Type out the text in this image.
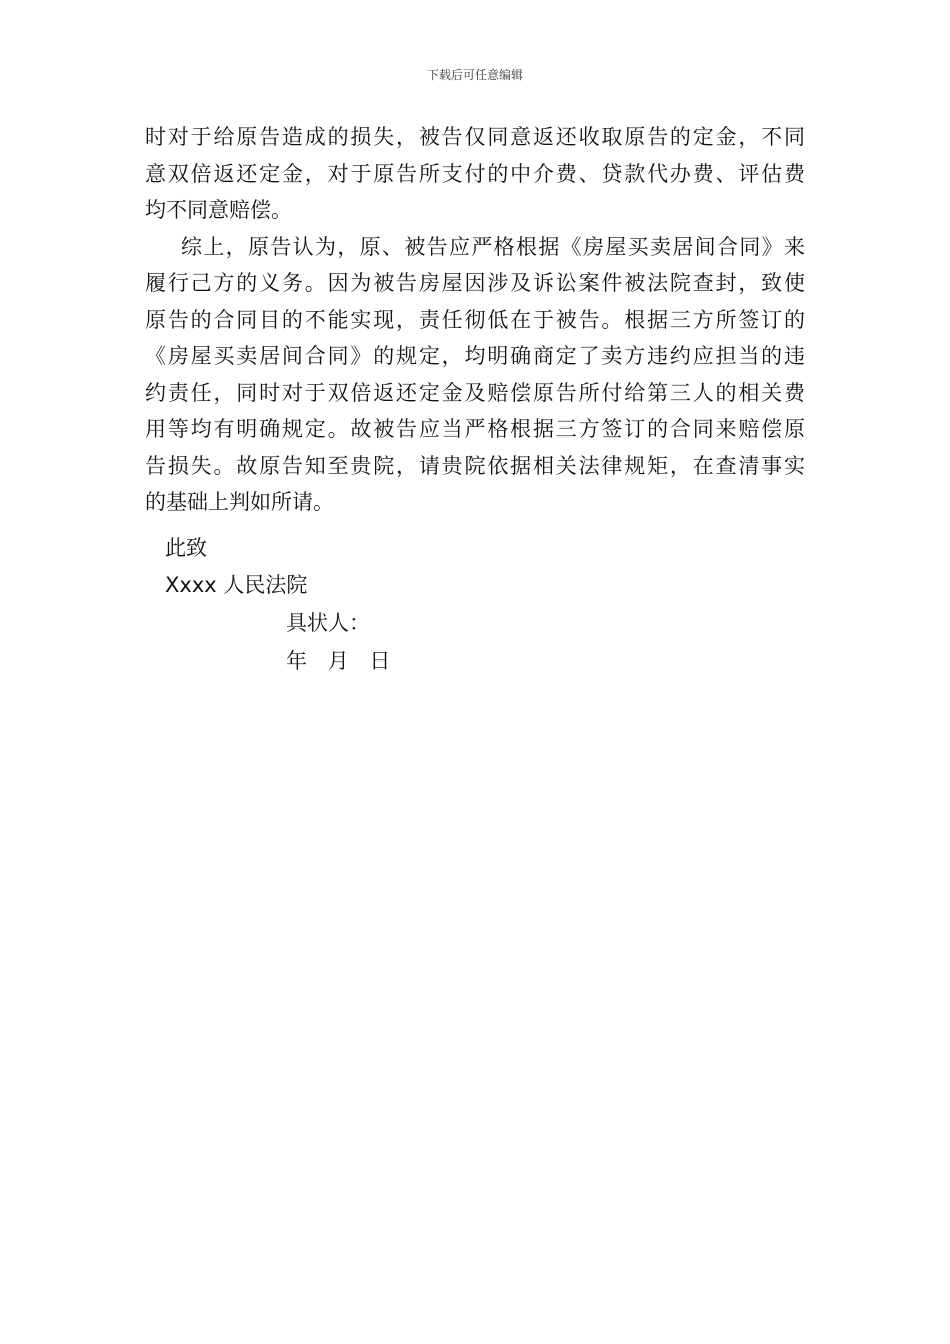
下载后可任意编辑
时对于给原告造成的损失，被告仅同意返还收取原告的定金，不同
意双倍返还定金，对于原告所支付的中介费、贷款代办费、评估费
均不同意赔偿。
综上，原告认为，原、被告应严格根据《房屋买卖居间合同》来
履行己方的义务。因为被告房屋因涉及诉讼案件被法院查封，致使
原告的合同目的不能实现，责任彻低在于被告。根据三方所签订的
《房屋买卖居间合同》的规定，均明确商定了卖方违约应担当的违
约责任，同时对于双倍返还定金及赔偿原告所付给第三人的相关费
用等均有明确规定。故被告应当严格根据三方签订的合同来赔偿原
告损失。故原告知至贵院，请贵院依据相关法律规矩，在查清事实
的基础上判如所请。
此致
Xxxx 人民法院
具状人：
年 月 日
